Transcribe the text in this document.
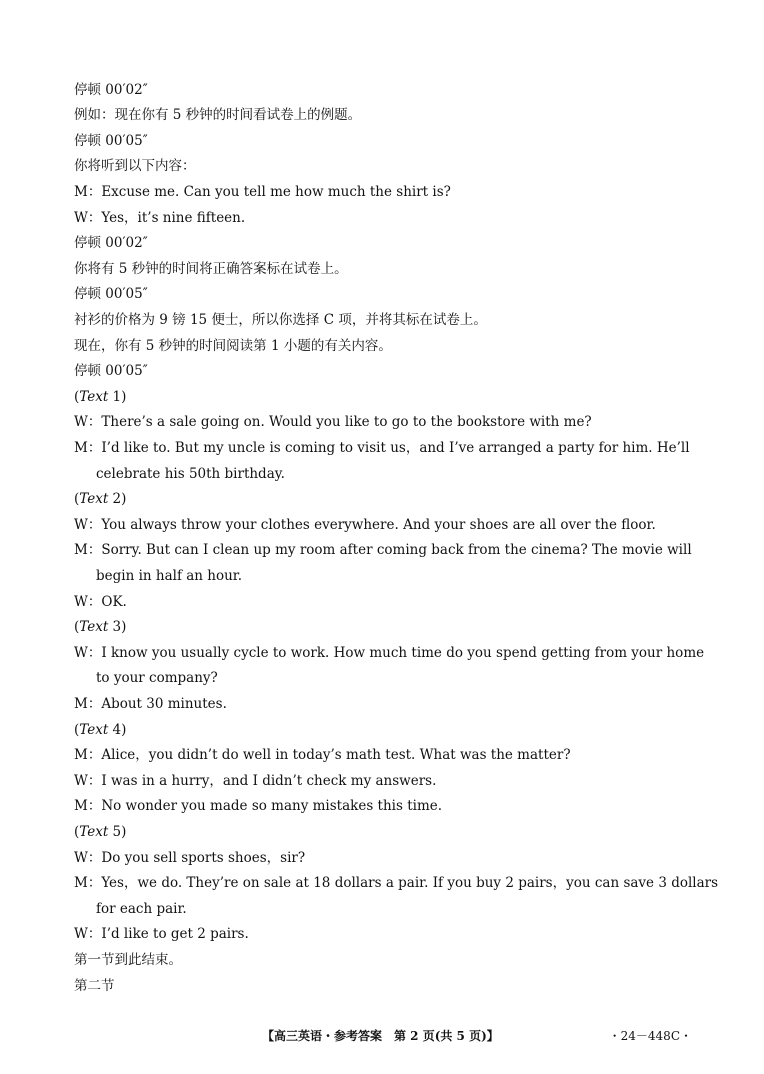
停顿 00′02″
例如：现在你有 5 秒钟的时间看试卷上的例题。
停顿 00′05″
你将听到以下内容：
M：Excuse me. Can you tell me how much the shirt is?
W：Yes，it’s nine fifteen.
停顿 00′02″
你将有 5 秒钟的时间将正确答案标在试卷上。
停顿 00′05″
衬衫的价格为 9 镑 15 便士，所以你选择 C 项，并将其标在试卷上。
现在，你有 5 秒钟的时间阅读第 1 小题的有关内容。
停顿 00′05″
(Text 1)
W：There’s a sale going on. Would you like to go to the bookstore with me?
M：I’d like to. But my uncle is coming to visit us，and I’ve arranged a party for him. He’ll
celebrate his 50th birthday.
(Text 2)
W：You always throw your clothes everywhere. And your shoes are all over the floor.
M：Sorry. But can I clean up my room after coming back from the cinema? The movie will
begin in half an hour.
W：OK.
(Text 3)
W：I know you usually cycle to work. How much time do you spend getting from your home
to your company?
M：About 30 minutes.
(Text 4)
M：Alice，you didn’t do well in today’s math test. What was the matter?
W：I was in a hurry，and I didn’t check my answers.
M：No wonder you made so many mistakes this time.
(Text 5)
W：Do you sell sports shoes，sir?
M：Yes，we do. They’re on sale at 18 dollars a pair. If you buy 2 pairs，you can save 3 dollars
for each pair.
W：I’d like to get 2 pairs.
第一节到此结束。
第二节
【高三英语・参考答案　第 2 页(共 5 页)】	・24－448C・
